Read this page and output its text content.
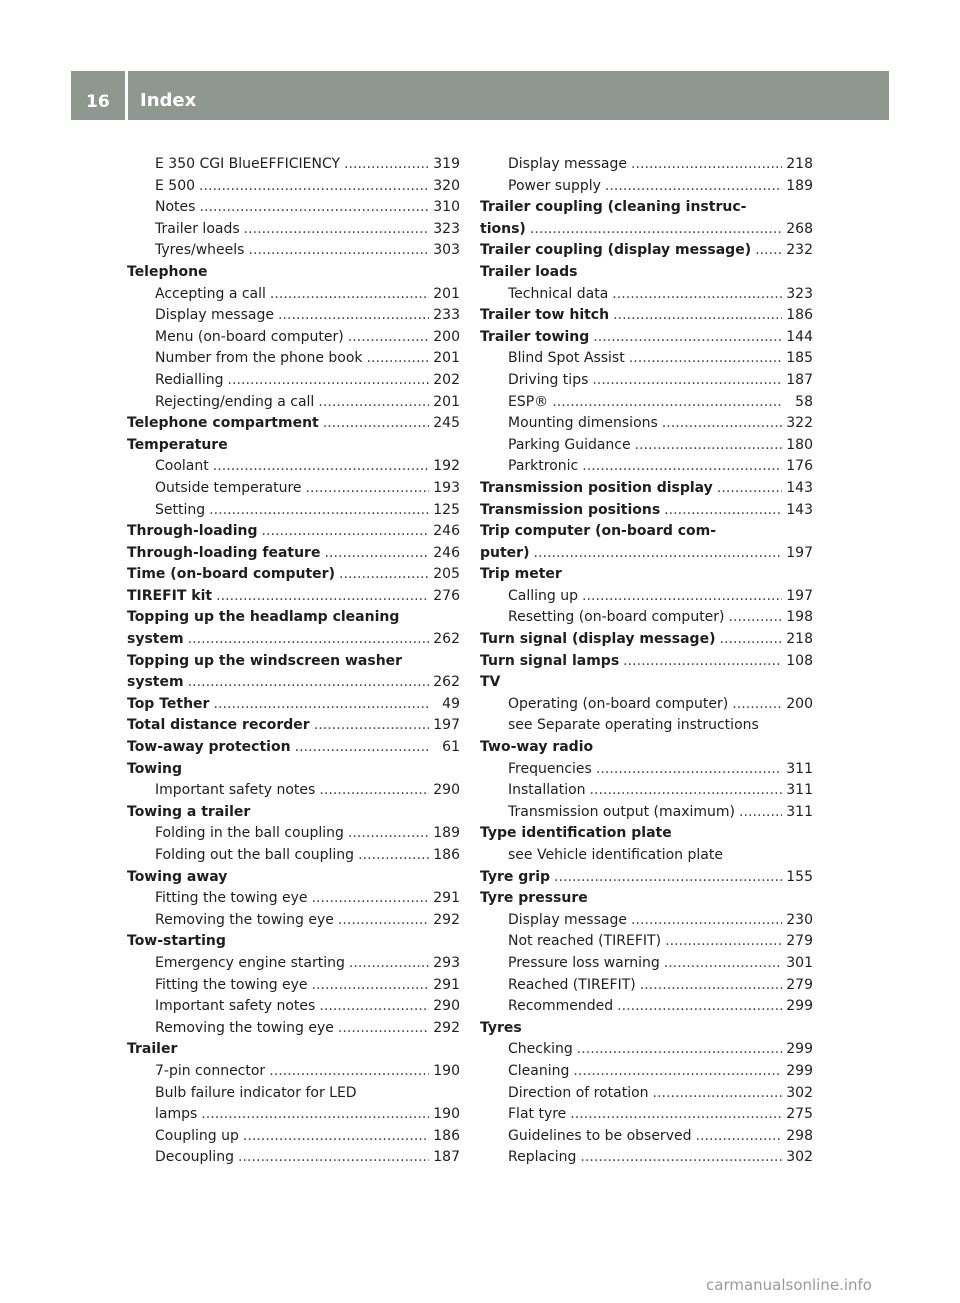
16 Index
E 350 CGI BlueEFFICIENCY . . .	319
E 500 . . .	320
Notes . . .	310
Trailer loads . . .	323
Tyres/wheels . . .	303
Telephone
Accepting a call . . .	201
Display message . . .	233
Menu (on-board computer) . . .	200
Number from the phone book . . .	201
Redialling . . .	202
Rejecting/ending a call . . .	201
Telephone compartment . . .	245
Temperature
Coolant . . .	192
Outside temperature . . .	193
Setting . . .	125
Through-loading . . .	246
Through-loading feature . . .	246
Time (on-board computer) . . .	205
TIREFIT kit . . .	276
Topping up the headlamp cleaning
system . . .	262
Topping up the windscreen washer
system . . .	262
Top Tether . . .	49
Total distance recorder . . .	197
Tow-away protection . . .	61
Towing
Important safety notes . . .	290
Towing a trailer
Folding in the ball coupling . . .	189
Folding out the ball coupling . . .	186
Towing away
Fitting the towing eye . . .	291
Removing the towing eye . . .	292
Tow-starting
Emergency engine starting . . .	293
Fitting the towing eye . . .	291
Important safety notes . . .	290
Removing the towing eye . . .	292
Trailer
7-pin connector . . .	190
Bulb failure indicator for LED
lamps . . .	190
Coupling up . . .	186
Decoupling . . .	187
Display message . . .	218
Power supply . . .	189
Trailer coupling (cleaning instruc-
tions) . . .	268
Trailer coupling (display message) . . .	232
Trailer loads
Technical data . . .	323
Trailer tow hitch . . .	186
Trailer towing . . .	144
Blind Spot Assist . . .	185
Driving tips . . .	187
ESP® . . .	58
Mounting dimensions . . .	322
Parking Guidance . . .	180
Parktronic . . .	176
Transmission position display . . .	143
Transmission positions . . .	143
Trip computer (on-board com-
puter) . . .	197
Trip meter
Calling up . . .	197
Resetting (on-board computer) . . .	198
Turn signal (display message) . . .	218
Turn signal lamps . . .	108
TV
Operating (on-board computer) . . .	200
see Separate operating instructions
Two-way radio
Frequencies . . .	311
Installation . . .	311
Transmission output (maximum) . . .	311
Type identification plate
see Vehicle identification plate
Tyre grip . . .	155
Tyre pressure
Display message . . .	230
Not reached (TIREFIT) . . .	279
Pressure loss warning . . .	301
Reached (TIREFIT) . . .	279
Recommended . . .	299
Tyres
Checking . . .	299
Cleaning . . .	299
Direction of rotation . . .	302
Flat tyre . . .	275
Guidelines to be observed . . .	298
Replacing . . .	302
carmanualsonline.info
